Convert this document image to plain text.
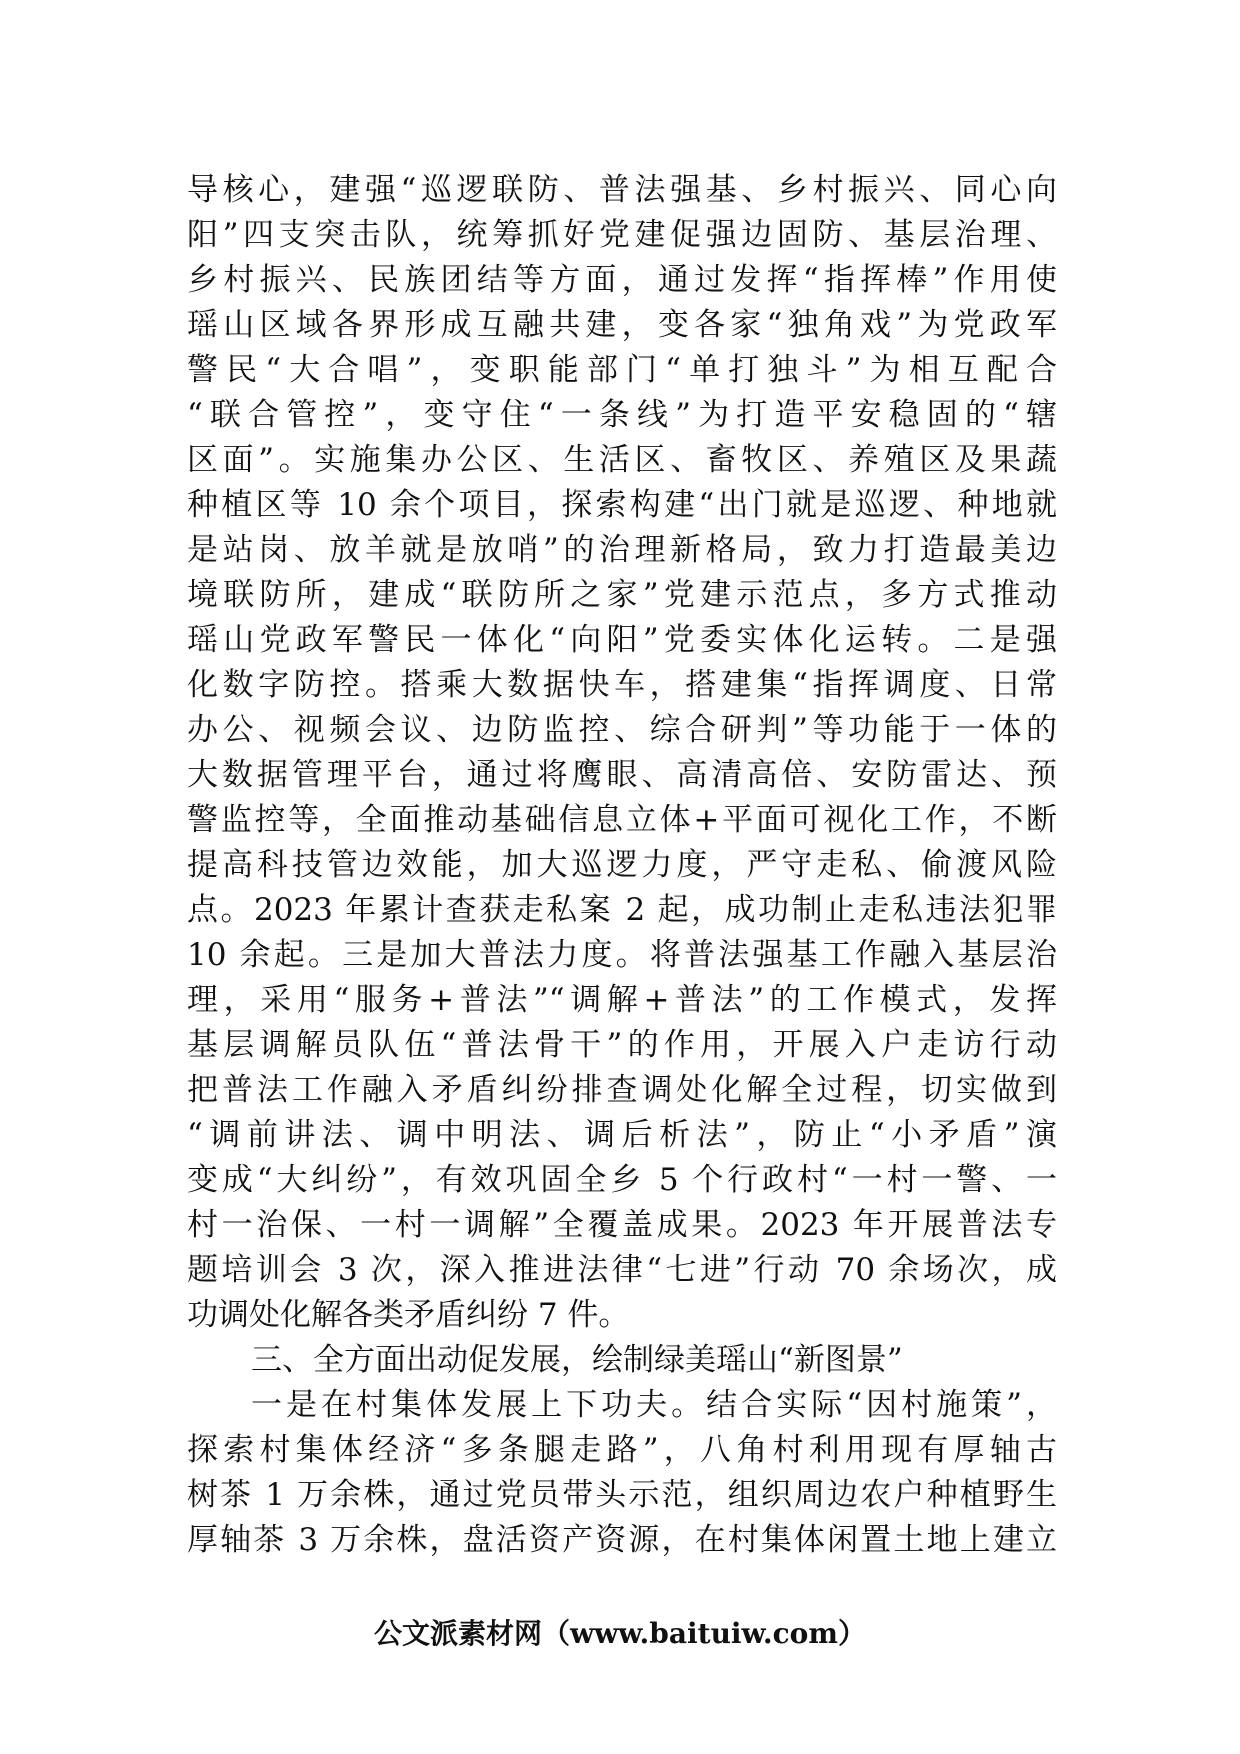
导核心，建强“巡逻联防、普法强基、乡村振兴、同心向
阳”四支突击队，统筹抓好党建促强边固防、基层治理、
乡村振兴、民族团结等方面，通过发挥“指挥棒”作用使
瑶山区域各界形成互融共建，变各家“独角戏”为党政军
警民“大合唱”，变职能部门“单打独斗”为相互配合
“联合管控”，变守住“一条线”为打造平安稳固的“辖
区面”。实施集办公区、生活区、畜牧区、养殖区及果蔬
种植区等 10 余个项目，探索构建“出门就是巡逻、种地就
是站岗、放羊就是放哨”的治理新格局，致力打造最美边
境联防所，建成“联防所之家”党建示范点，多方式推动
瑶山党政军警民一体化“向阳”党委实体化运转。二是强
化数字防控。搭乘大数据快车，搭建集“指挥调度、日常
办公、视频会议、边防监控、综合研判”等功能于一体的
大数据管理平台，通过将鹰眼、高清高倍、安防雷达、预
警监控等，全面推动基础信息立体+平面可视化工作，不断
提高科技管边效能，加大巡逻力度，严守走私、偷渡风险
点。2023 年累计查获走私案 2 起，成功制止走私违法犯罪
10 余起。三是加大普法力度。将普法强基工作融入基层治
理，采用“服务+普法”“调解+普法”的工作模式，发挥
基层调解员队伍“普法骨干”的作用，开展入户走访行动
把普法工作融入矛盾纠纷排查调处化解全过程，切实做到
“调前讲法、调中明法、调后析法”，防止“小矛盾”演
变成“大纠纷”，有效巩固全乡 5 个行政村“一村一警、一
村一治保、一村一调解”全覆盖成果。2023 年开展普法专
题培训会 3 次，深入推进法律“七进”行动 70 余场次，成
功调处化解各类矛盾纠纷 7 件。
三、全方面出动促发展，绘制绿美瑶山“新图景”
一是在村集体发展上下功夫。结合实际“因村施策”，
探索村集体经济“多条腿走路”，八角村利用现有厚轴古
树茶 1 万余株，通过党员带头示范，组织周边农户种植野生
厚轴茶 3 万余株，盘活资产资源，在村集体闲置土地上建立
公文派素材网（www.baituiw.com）
